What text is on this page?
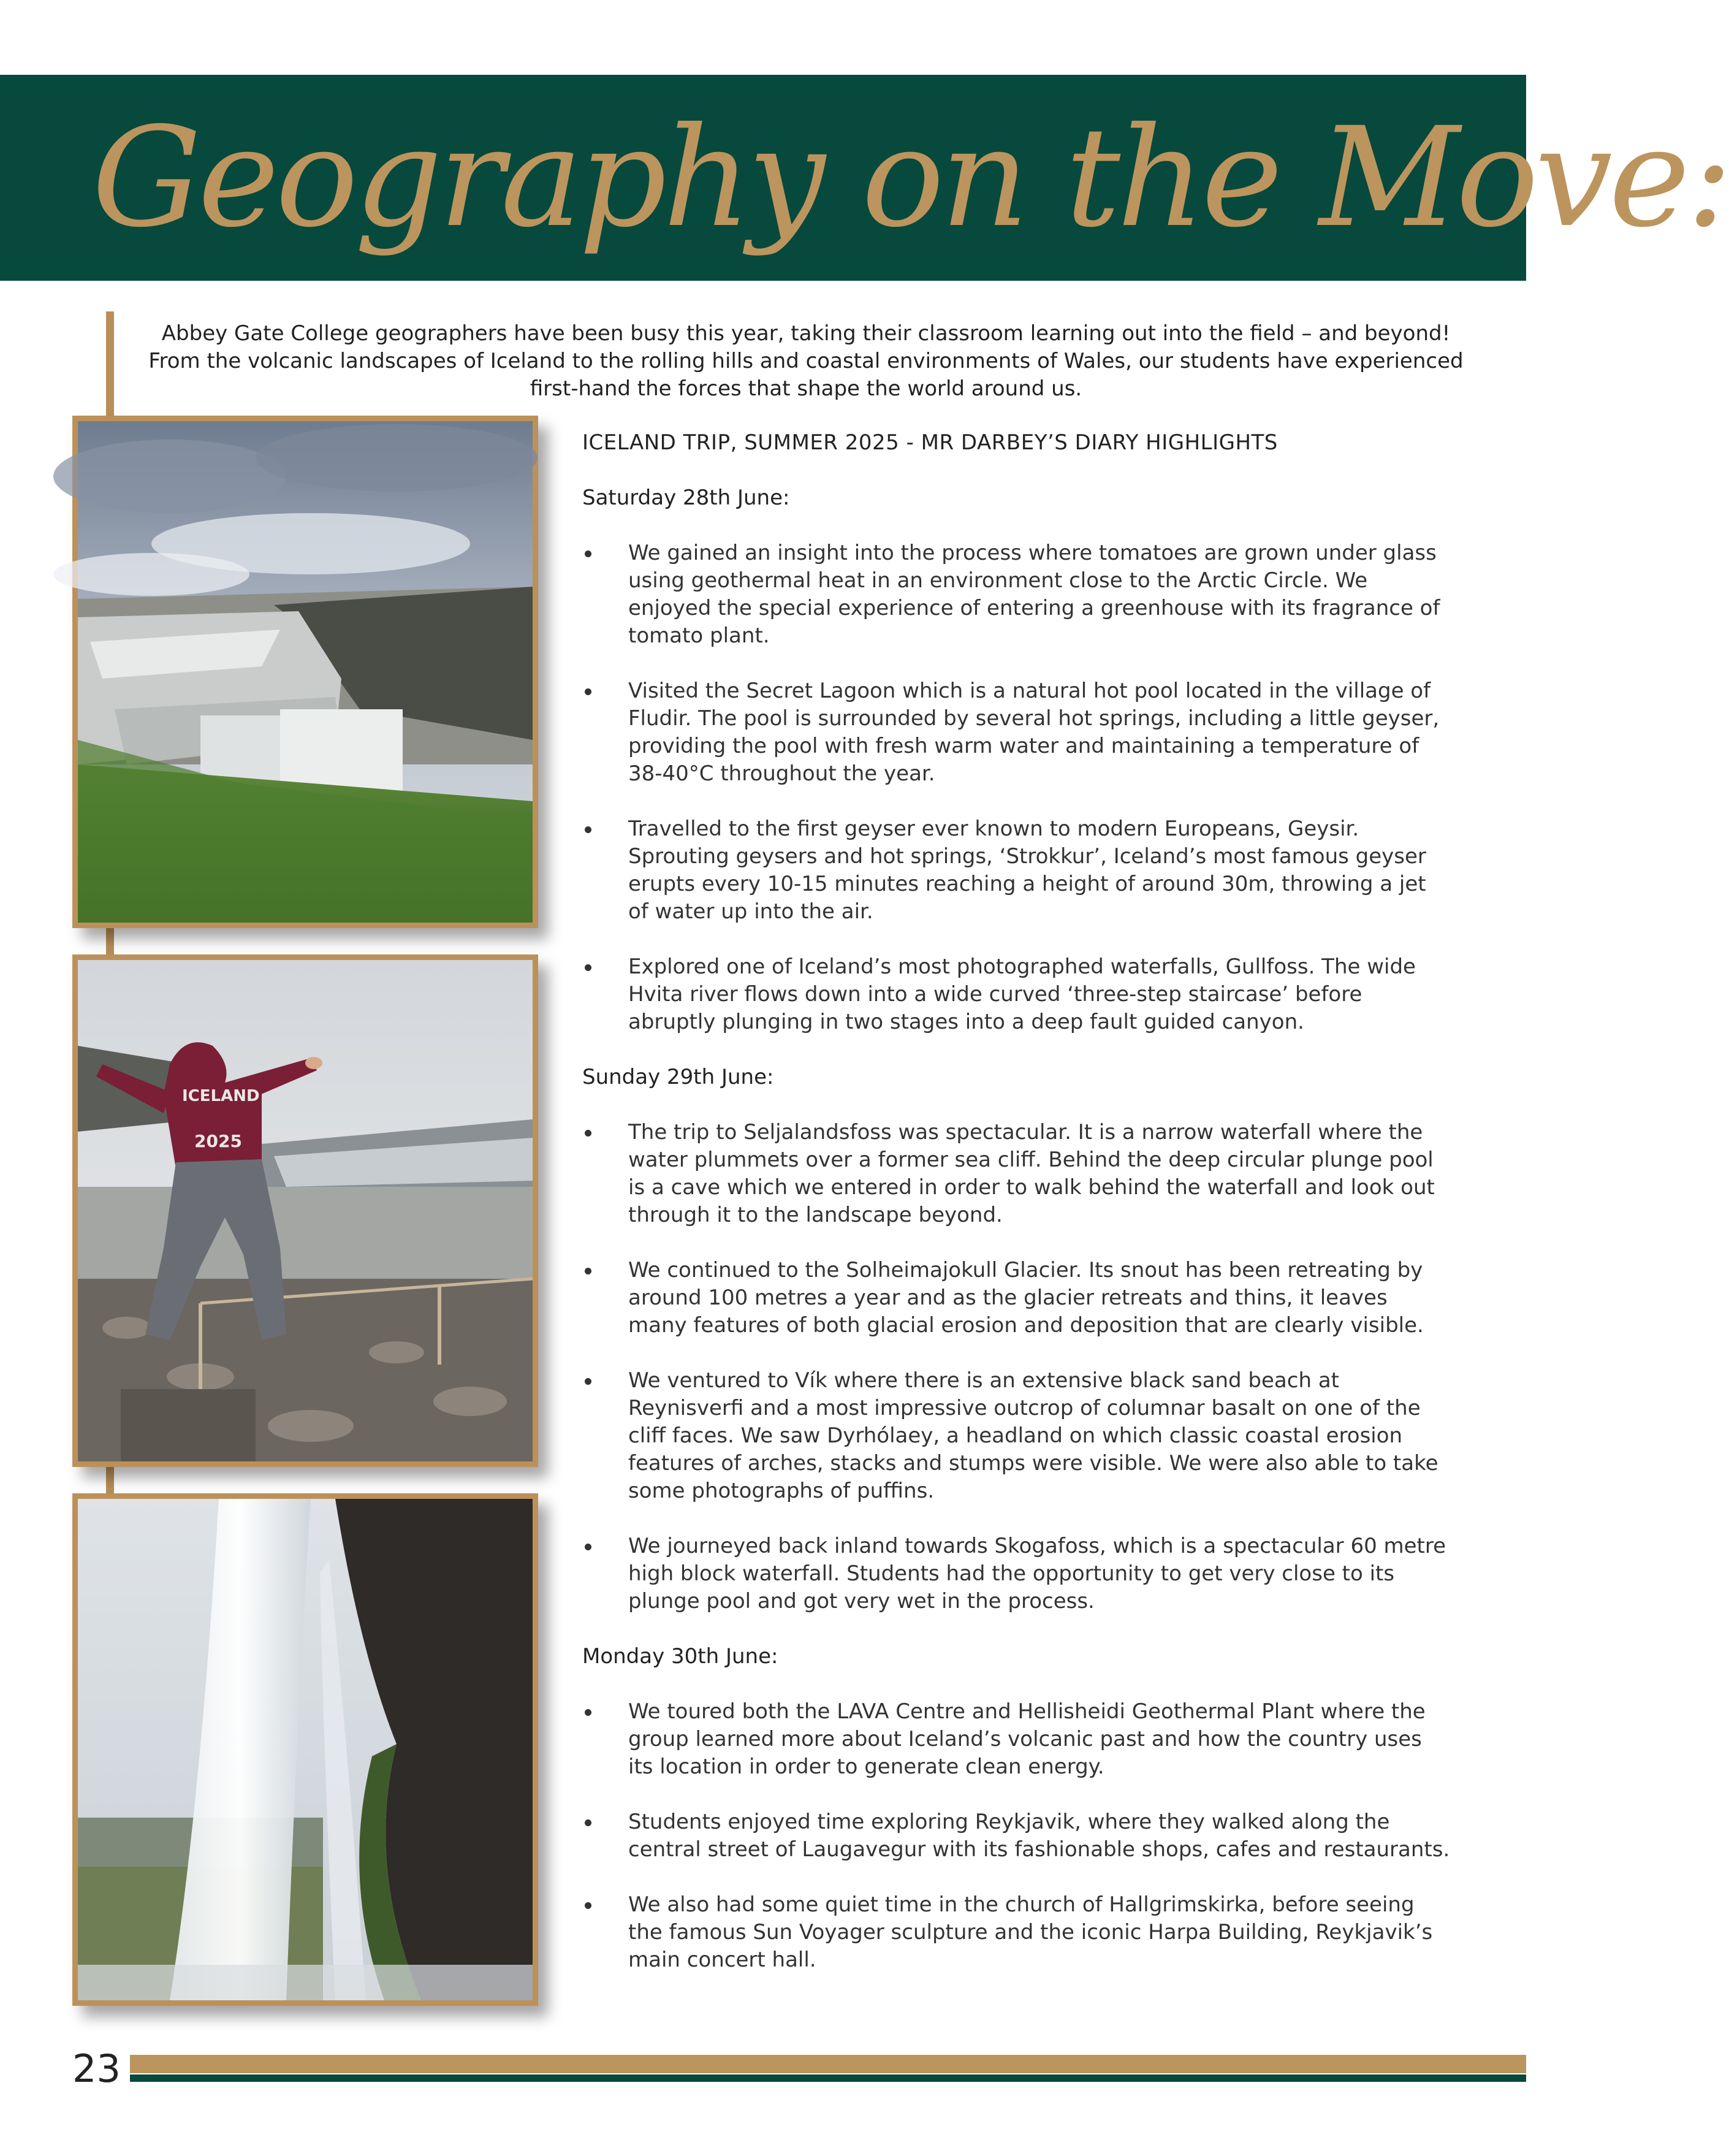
Geography on the Move:
Abbey Gate College geographers have been busy this year, taking their classroom learning out into the field – and beyond! From the volcanic landscapes of Iceland to the rolling hills and coastal environments of Wales, our students have experienced first-hand the forces that shape the world around us.
ICELAND
2025
ICELAND TRIP, SUMMER 2025 - MR DARBEY’S DIARY HIGHLIGHTS
Saturday 28th June:
We gained an insight into the process where tomatoes are grown under glass using geothermal heat in an environment close to the Arctic Circle. We enjoyed the special experience of entering a greenhouse with its fragrance of tomato plant.
Visited the Secret Lagoon which is a natural hot pool located in the village of Fludir. The pool is surrounded by several hot springs, including a little geyser, providing the pool with fresh warm water and maintaining a temperature of 38-40°C throughout the year.
Travelled to the first geyser ever known to modern Europeans, Geysir. Sprouting geysers and hot springs, ‘Strokkur’, Iceland’s most famous geyser erupts every 10-15 minutes reaching a height of around 30m, throwing a jet of water up into the air.
Explored one of Iceland’s most photographed waterfalls, Gullfoss. The wide Hvita river flows down into a wide curved ‘three-step staircase’ before abruptly plunging in two stages into a deep fault guided canyon.
Sunday 29th June:
The trip to Seljalandsfoss was spectacular. It is a narrow waterfall where the water plummets over a former sea cliff. Behind the deep circular plunge pool is a cave which we entered in order to walk behind the waterfall and look out through it to the landscape beyond.
We continued to the Solheimajokull Glacier. Its snout has been retreating by around 100 metres a year and as the glacier retreats and thins, it leaves many features of both glacial erosion and deposition that are clearly visible.
We ventured to Vík where there is an extensive black sand beach at Reynisverfi and a most impressive outcrop of columnar basalt on one of the cliff faces. We saw Dyrhólaey, a headland on which classic coastal erosion features of arches, stacks and stumps were visible. We were also able to take some photographs of puffins.
We journeyed back inland towards Skogafoss, which is a spectacular 60 metre high block waterfall. Students had the opportunity to get very close to its plunge pool and got very wet in the process.
Monday 30th June:
We toured both the LAVA Centre and Hellisheidi Geothermal Plant where the group learned more about Iceland’s volcanic past and how the country uses its location in order to generate clean energy.
Students enjoyed time exploring Reykjavik, where they walked along the central street of Laugavegur with its fashionable shops, cafes and restaurants.
We also had some quiet time in the church of Hallgrimskirka, before seeing the famous Sun Voyager sculpture and the iconic Harpa Building, Reykjavik’s main concert hall.
23
